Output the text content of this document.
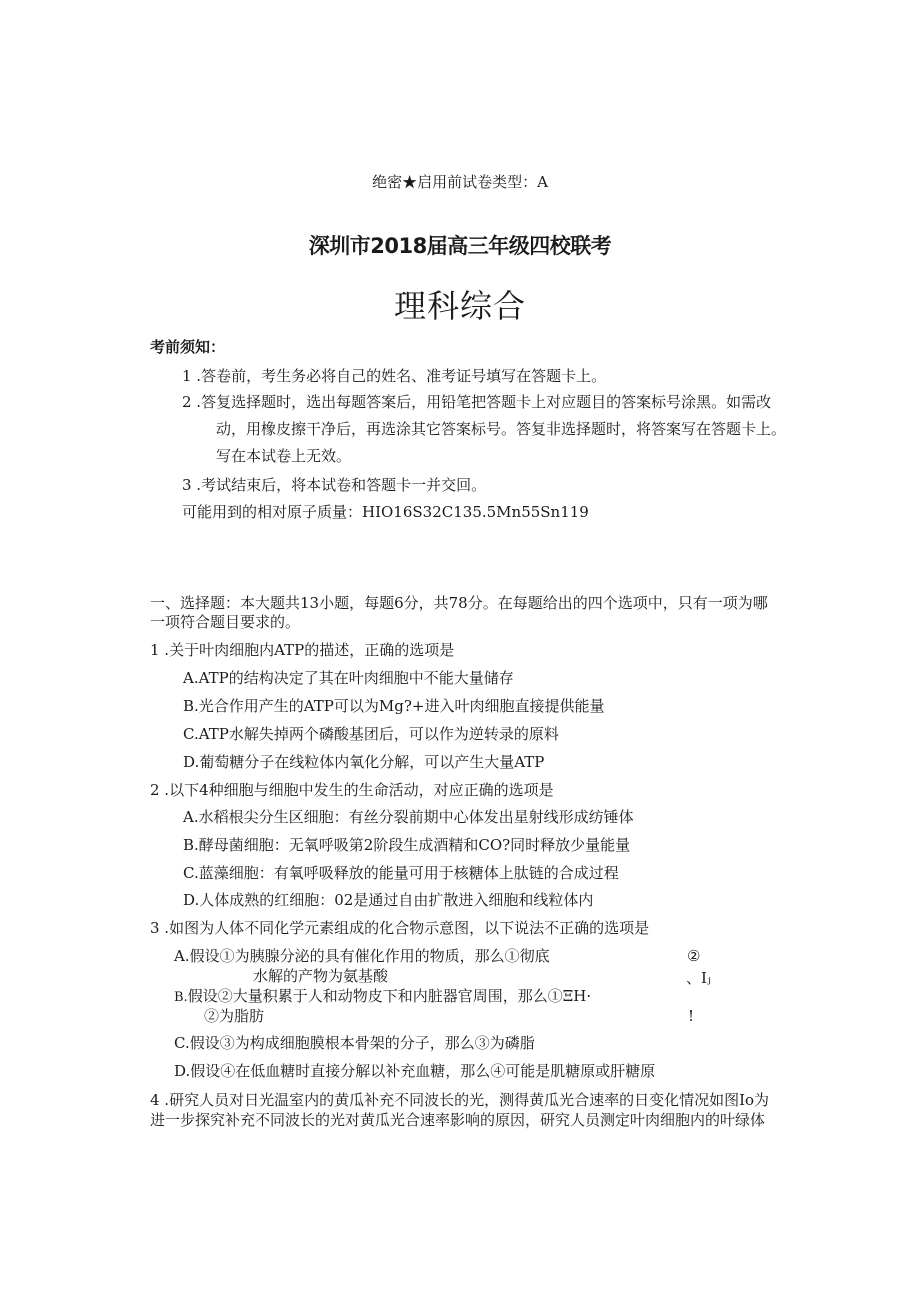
绝密★启用前试卷类型：A
深圳市2018届高三年级四校联考
理科综合
考前须知：
1 .答卷前，考生务必将自己的姓名、准考证号填写在答题卡上。
2 .答复选择题时，选出每题答案后，用铅笔把答题卡上对应题目的答案标号涂黑。如需改
动，用橡皮擦干净后，再选涂其它答案标号。答复非选择题时，将答案写在答题卡上。
写在本试卷上无效。
3 .考试结束后，将本试卷和答题卡一并交回。
可能用到的相对原子质量：HIO16S32C135.5Mn55Sn119
一、选择题：本大题共13小题，每题6分，共78分。在每题给出的四个选项中，只有一项为哪
一项符合题目要求的。
1 .关于叶肉细胞内ATP的描述，正确的选项是
A.ATP的结构决定了其在叶肉细胞中不能大量储存
B.光合作用产生的ATP可以为Mg?+进入叶肉细胞直接提供能量
C.ATP水解失掉两个磷酸基团后，可以作为逆转录的原料
D.葡萄糖分子在线粒体内氧化分解，可以产生大量ATP
2 .以下4种细胞与细胞中发生的生命活动，对应正确的选项是
A.水稻根尖分生区细胞：有丝分裂前期中心体发出星射线形成纺锤体
B.酵母菌细胞：无氧呼吸第2阶段生成酒精和CO?同时释放少量能量
C.蓝藻细胞：有氧呼吸释放的能量可用于核糖体上肽链的合成过程
D.人体成熟的红细胞：02是通过自由扩散进入细胞和线粒体内
3 .如图为人体不同化学元素组成的化合物示意图，以下说法不正确的选项是
A.假设①为胰腺分泌的具有催化作用的物质，那么①彻底
水解的产物为氨基酸
B.假设②大量积累于人和动物皮下和内脏器官周围，那么①ΞH·
②为脂肪
②
、Iⱼ
!
C.假设③为构成细胞膜根本骨架的分子，那么③为磷脂
D.假设④在低血糖时直接分解以补充血糖，那么④可能是肌糖原或肝糖原
4 .研究人员对日光温室内的黄瓜补充不同波长的光，测得黄瓜光合速率的日变化情况如图Io为
进一步探究补充不同波长的光对黄瓜光合速率影响的原因，研究人员测定叶肉细胞内的叶绿体
